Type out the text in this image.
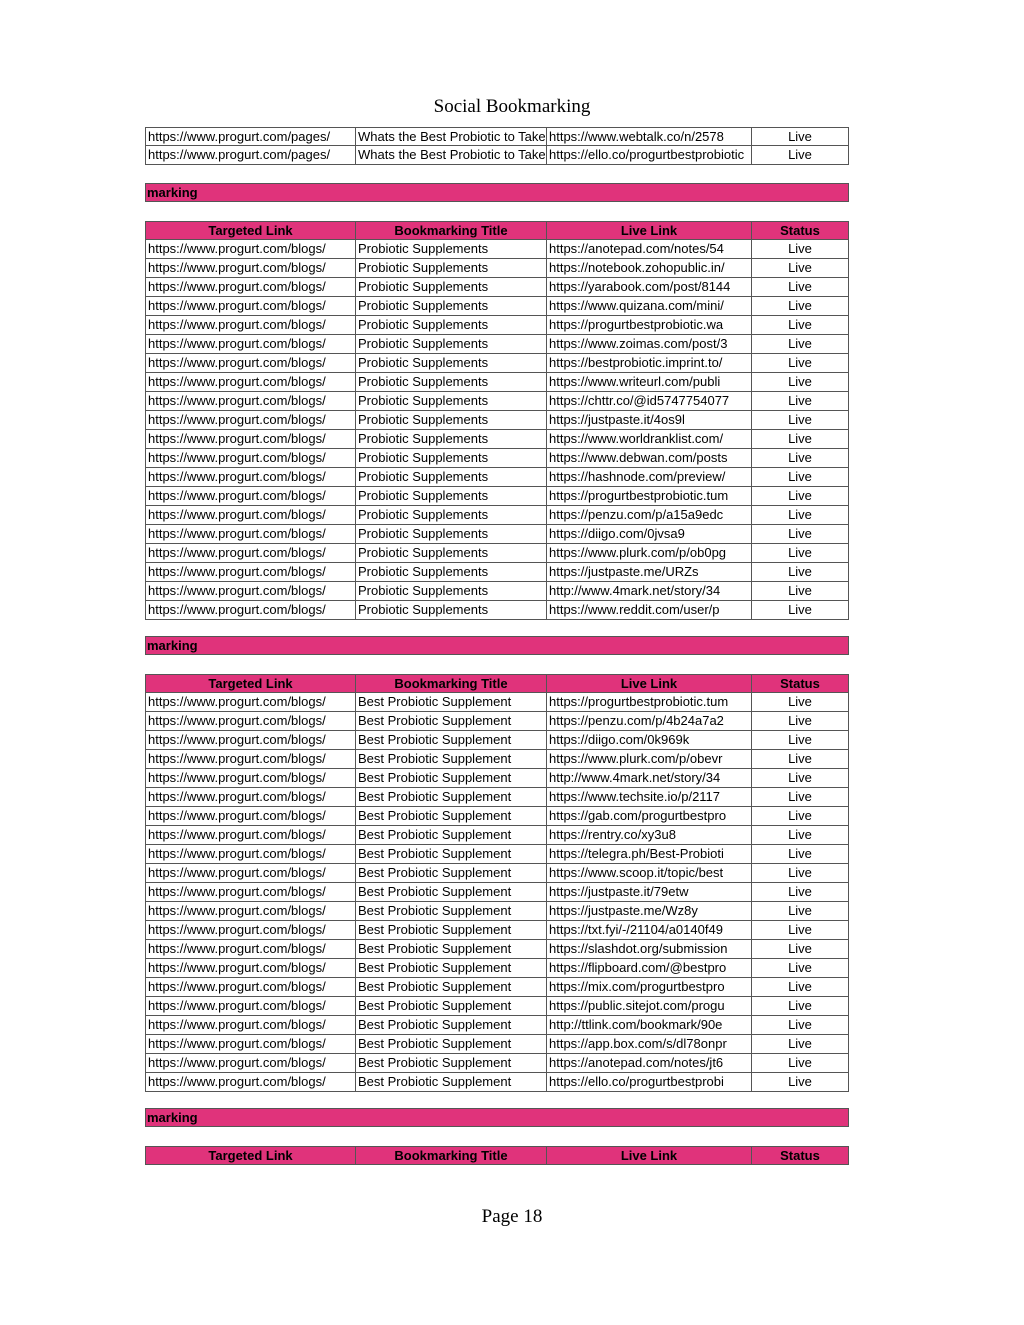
Social Bookmarking
https://www.progurt.com/pages/	Whats the Best Probiotic to Take https://www.webtalk.co/n/2578	Live
https://www.progurt.com/pages/	Whats the Best Probiotic to Take https://ello.co/progurtbestprobiotic	Live
marking
Targeted Link	Bookmarking Title	Live Link	Status
https://www.progurt.com/blogs/	Probiotic Supplements	https://anotepad.com/notes/54	Live
https://www.progurt.com/blogs/	Probiotic Supplements	https://notebook.zohopublic.in/	Live
https://www.progurt.com/blogs/	Probiotic Supplements	https://yarabook.com/post/8144	Live
https://www.progurt.com/blogs/	Probiotic Supplements	https://www.quizana.com/mini/	Live
https://www.progurt.com/blogs/	Probiotic Supplements	https://progurtbestprobiotic.wa	Live
https://www.progurt.com/blogs/	Probiotic Supplements	https://www.zoimas.com/post/3	Live
https://www.progurt.com/blogs/	Probiotic Supplements	https://bestprobiotic.imprint.to/	Live
https://www.progurt.com/blogs/	Probiotic Supplements	https://www.writeurl.com/publi	Live
https://www.progurt.com/blogs/	Probiotic Supplements	https://chttr.co/@id5747754077	Live
https://www.progurt.com/blogs/	Probiotic Supplements	https://justpaste.it/4os9l	Live
https://www.progurt.com/blogs/	Probiotic Supplements	https://www.worldranklist.com/	Live
https://www.progurt.com/blogs/	Probiotic Supplements	https://www.debwan.com/posts	Live
https://www.progurt.com/blogs/	Probiotic Supplements	https://hashnode.com/preview/	Live
https://www.progurt.com/blogs/	Probiotic Supplements	https://progurtbestprobiotic.tum	Live
https://www.progurt.com/blogs/	Probiotic Supplements	https://penzu.com/p/a15a9edc	Live
https://www.progurt.com/blogs/	Probiotic Supplements	https://diigo.com/0jvsa9	Live
https://www.progurt.com/blogs/	Probiotic Supplements	https://www.plurk.com/p/ob0pg	Live
https://www.progurt.com/blogs/	Probiotic Supplements	https://justpaste.me/URZs	Live
https://www.progurt.com/blogs/	Probiotic Supplements	http://www.4mark.net/story/34	Live
https://www.progurt.com/blogs/	Probiotic Supplements	https://www.reddit.com/user/p	Live
marking
Targeted Link	Bookmarking Title	Live Link	Status
https://www.progurt.com/blogs/	Best Probiotic Supplement	https://progurtbestprobiotic.tum	Live
https://www.progurt.com/blogs/	Best Probiotic Supplement	https://penzu.com/p/4b24a7a2	Live
https://www.progurt.com/blogs/	Best Probiotic Supplement	https://diigo.com/0k969k	Live
https://www.progurt.com/blogs/	Best Probiotic Supplement	https://www.plurk.com/p/obevr	Live
https://www.progurt.com/blogs/	Best Probiotic Supplement	http://www.4mark.net/story/34	Live
https://www.progurt.com/blogs/	Best Probiotic Supplement	https://www.techsite.io/p/2117	Live
https://www.progurt.com/blogs/	Best Probiotic Supplement	https://gab.com/progurtbestpro	Live
https://www.progurt.com/blogs/	Best Probiotic Supplement	https://rentry.co/xy3u8	Live
https://www.progurt.com/blogs/	Best Probiotic Supplement	https://telegra.ph/Best-Probioti	Live
https://www.progurt.com/blogs/	Best Probiotic Supplement	https://www.scoop.it/topic/best	Live
https://www.progurt.com/blogs/	Best Probiotic Supplement	https://justpaste.it/79etw	Live
https://www.progurt.com/blogs/	Best Probiotic Supplement	https://justpaste.me/Wz8y	Live
https://www.progurt.com/blogs/	Best Probiotic Supplement	https://txt.fyi/-/21104/a0140f49	Live
https://www.progurt.com/blogs/	Best Probiotic Supplement	https://slashdot.org/submission	Live
https://www.progurt.com/blogs/	Best Probiotic Supplement	https://flipboard.com/@bestpro	Live
https://www.progurt.com/blogs/	Best Probiotic Supplement	https://mix.com/progurtbestpro	Live
https://www.progurt.com/blogs/	Best Probiotic Supplement	https://public.sitejot.com/progu	Live
https://www.progurt.com/blogs/	Best Probiotic Supplement	http://ttlink.com/bookmark/90e	Live
https://www.progurt.com/blogs/	Best Probiotic Supplement	https://app.box.com/s/dl78onpr	Live
https://www.progurt.com/blogs/	Best Probiotic Supplement	https://anotepad.com/notes/jt6	Live
https://www.progurt.com/blogs/	Best Probiotic Supplement	https://ello.co/progurtbestprobi	Live
marking
Targeted Link	Bookmarking Title	Live Link	Status
Page 18
